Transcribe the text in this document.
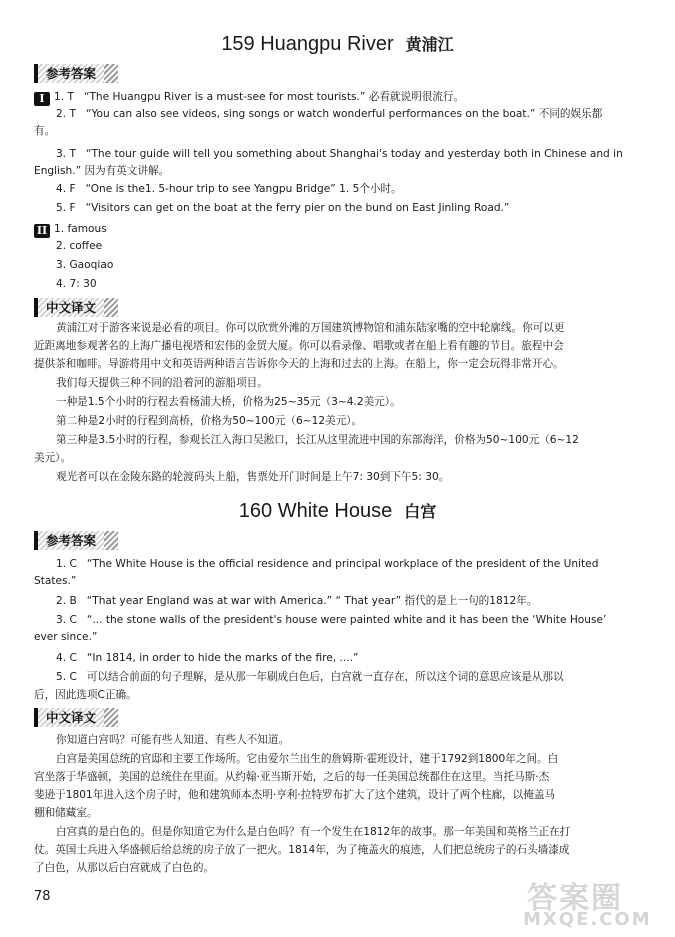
159 Huangpu River 黄浦江
参考答案
I 1. T “The Huangpu River is a must-see for most tourists.” 必看就说明很流行。
2. T “You can also see videos, sing songs or watch wonderful performances on the boat.” 不同的娱乐都
有。
3. T “The tour guide will tell you something about Shanghai's today and yesterday both in Chinese and in
English.” 因为有英文讲解。
4. F “One is the1. 5-hour trip to see Yangpu Bridge” 1. 5个小时。
5. F “Visitors can get on the boat at the ferry pier on the bund on East Jinling Road.”
II 1. famous
2. coffee
3. Gaoqiao
4. 7: 30
中文译文
黄浦江对于游客来说是必看的项目。你可以欣赏外滩的万国建筑博物馆和浦东陆家嘴的空中轮廓线。你可以更
近距离地参观著名的上海广播电视塔和宏伟的金贸大厦。你可以看录像、唱歌或者在船上看有趣的节目。旅程中会
提供茶和咖啡。导游将用中文和英语两种语言告诉你今天的上海和过去的上海。在船上，你一定会玩得非常开心。
我们每天提供三种不同的沿着河的游船项目。
一种是1.5个小时的行程去看杨浦大桥，价格为25~35元（3~4.2美元）。
第二种是2小时的行程到高桥，价格为50~100元（6~12美元）。
第三种是3.5小时的行程，参观长江入海口吴淞口，长江从这里流进中国的东部海洋，价格为50~100元（6~12
美元）。
观光者可以在金陵东路的轮渡码头上船，售票处开门时间是上午7: 30到下午5: 30。
160 White House 白宫
参考答案
1. C “The White House is the official residence and principal workplace of the president of the United
States.”
2. B “That year England was at war with America.” “ That year” 指代的是上一句的1812年。
3. C “... the stone walls of the president's house were painted white and it has been the ‘White House’
ever since.”
4. C “In 1814, in order to hide the marks of the fire, ....”
5. C 可以结合前面的句子理解，是从那一年刷成白色后，白宫就一直存在，所以这个词的意思应该是从那以
后，因此选项C正确。
中文译文
你知道白宫吗？可能有些人知道、有些人不知道。
白宫是美国总统的官邸和主要工作场所。它由爱尔兰出生的詹姆斯·霍班设计，建于1792到1800年之间。白
宫坐落于华盛顿，美国的总统住在里面。从约翰·亚当斯开始，之后的每一任美国总统都住在这里。当托马斯·杰
斐逊于1801年进入这个房子时，他和建筑师本杰明·亨利·拉特罗布扩大了这个建筑，设计了两个柱廊，以掩盖马
棚和储藏室。
白宫真的是白色的。但是你知道它为什么是白色吗？有一个发生在1812年的故事。那一年美国和英格兰正在打
仗。英国士兵进入华盛顿后给总统的房子放了一把火。1814年，为了掩盖火的痕迹，人们把总统房子的石头墙漆成
了白色，从那以后白宫就成了白色的。
78	答案圈
MXQE.COM
